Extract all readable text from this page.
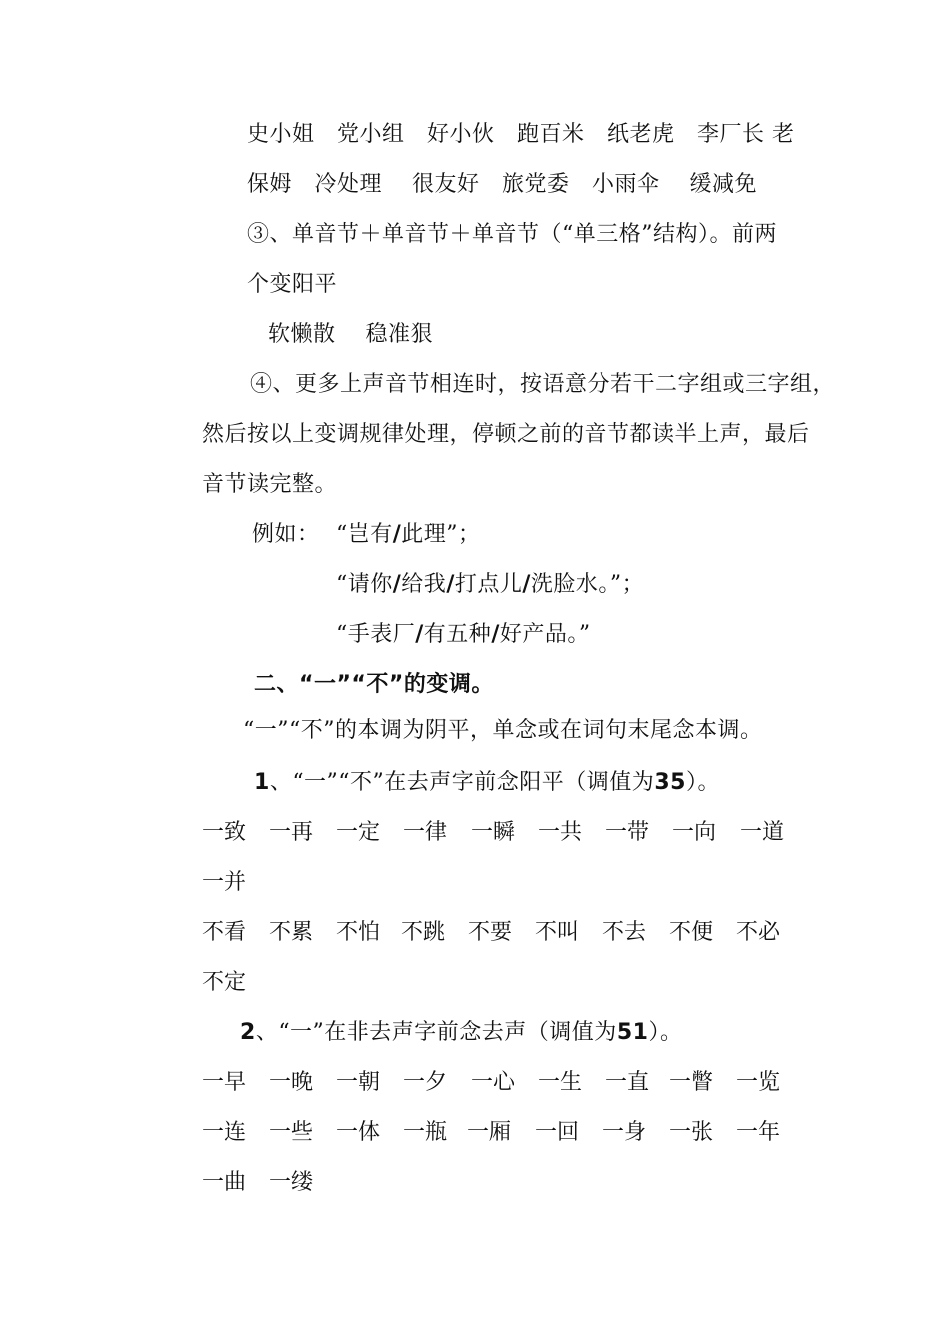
史小姐　党小组　好小伙　跑百米　纸老虎　李厂长 老
保姆　冷处理　 很友好　旅党委　小雨伞　 缓减免
③、单音节＋单音节＋单音节（“单三格”结构）。前两
个变阳平
软懒散　 稳准狠
④、更多上声音节相连时，按语意分若干二字组或三字组，
然后按以上变调规律处理，停顿之前的音节都读半上声，最后
音节读完整。
例如： “岂有/此理”；
“请你/给我/打点儿/洗脸水。”；
“手表厂/有五种/好产品。”
二、“一”“不”的变调。
“一”“不”的本调为阴平，单念或在词句末尾念本调。
1、“一”“不”在去声字前念阳平（调值为35）。
一致 一再 一定 一律 一瞬 一共 一带 一向 一道
一并
不看 不累 不怕 不跳 不要 不叫 不去 不便 不必
不定
2、“一”在非去声字前念去声（调值为51）。
一早 一晚 一朝 一夕 一心 一生 一直 一瞥 一览
一连 一些 一体 一瓶 一厢 一回 一身 一张 一年
一曲 一缕
